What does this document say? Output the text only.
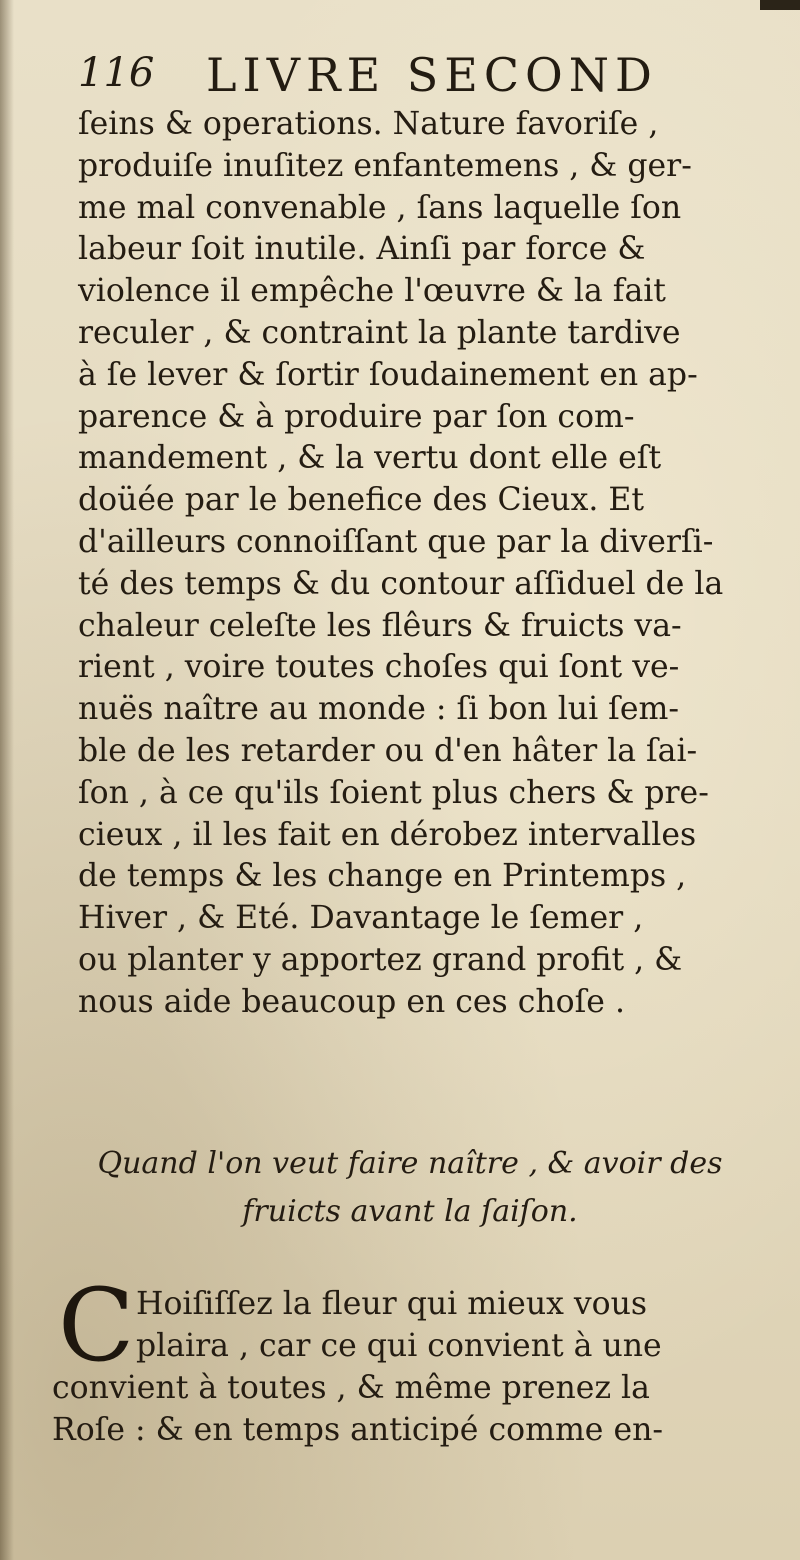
116 LIVRE SECOND

ſeins & operations. Nature favoriſe ,
produiſe inuſitez enfantemens , & ger-
me mal convenable , ſans laquelle ſon
labeur ſoit inutile. Ainſi par force &
violence il empêche l'œuvre & la fait
reculer , & contraint la plante tardive
à ſe lever & ſortir ſoudainement en ap-
parence & à produire par ſon com-
mandement , & la vertu dont elle eſt
doüée par le benefice des Cieux. Et
d'ailleurs connoiſſant que par la diverſi-
té des temps & du contour aſſiduel de la
chaleur celeſte les flêurs & fruicts va-
rient , voire toutes choſes qui ſont ve-
nuës naître au monde : ſi bon lui ſem-
ble de les retarder ou d'en hâter la ſai-
ſon , à ce qu'ils ſoient plus chers & pre-
cieux , il les fait en dérobez intervalles
de temps & les change en Printemps ,
Hiver , & Eté. Davantage le ſemer ,
ou planter y apportez grand profit , &
nous aide beaucoup en ces choſe .

Quand l'on veut faire naître , & avoir des
fruicts avant la ſaiſon.

C Hoiſiſſez la fleur qui mieux vous
plaira , car ce qui convient à une
convient à toutes , & même prenez la
Roſe : & en temps anticipé comme en-
